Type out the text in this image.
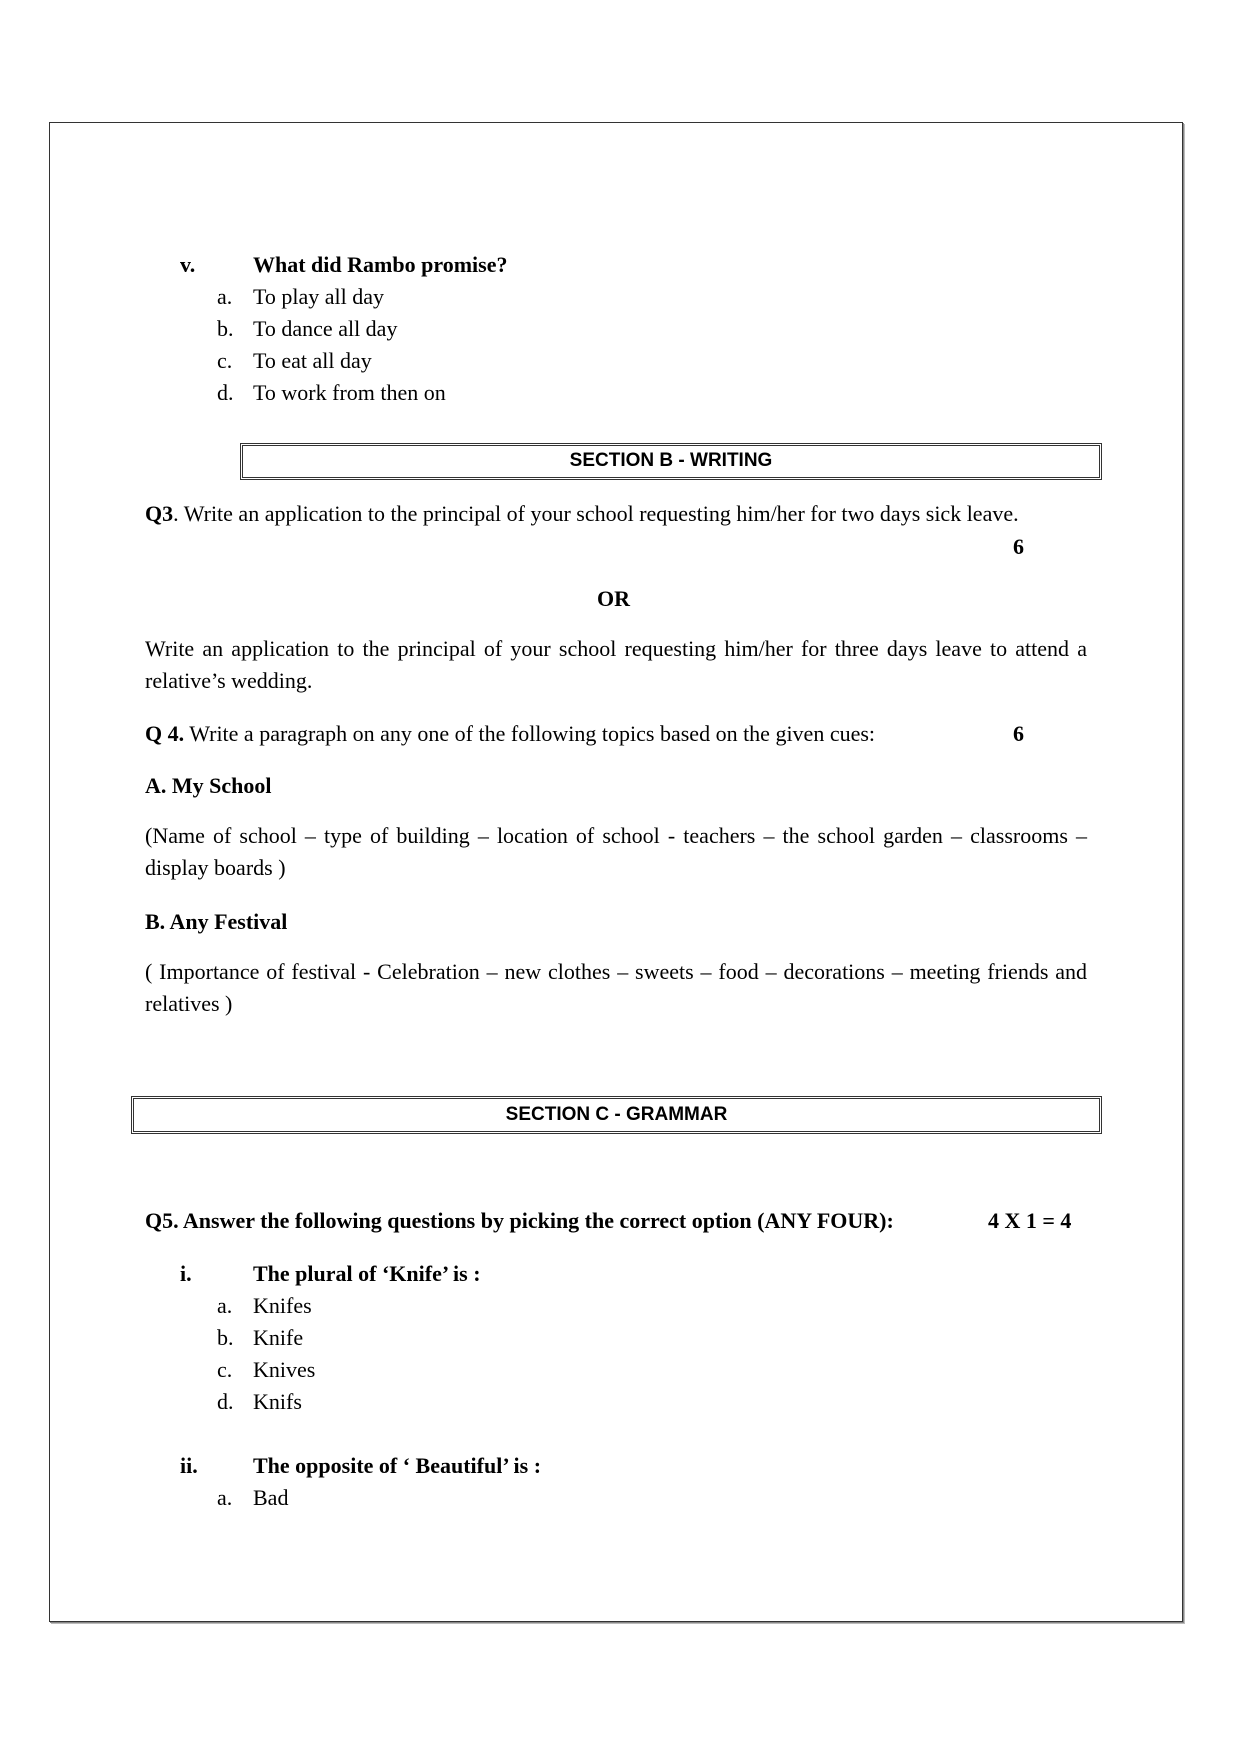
v.	What did Rambo promise?
a. To play all day
b. To dance all day
c. To eat all day
d. To work from then on
SECTION B - WRITING
Q3. Write an application to the principal of your school requesting him/her for two days sick leave.
6
OR
Write an application to the principal of your school requesting him/her for three days leave to attend a relative’s wedding.
Q 4. Write a paragraph on any one of the following topics based on the given cues:	6
A. My School
(Name of school – type of building – location of school - teachers – the school garden – classrooms – display boards )
B. Any Festival
( Importance of festival - Celebration – new clothes – sweets – food – decorations – meeting friends and relatives )
SECTION C - GRAMMAR
Q5. Answer the following questions by picking the correct option (ANY FOUR):	4 X 1 = 4
i.	The plural of ‘Knife’ is :
a. Knifes
b. Knife
c. Knives
d. Knifs
ii.	The opposite of ‘ Beautiful’ is :
a. Bad
